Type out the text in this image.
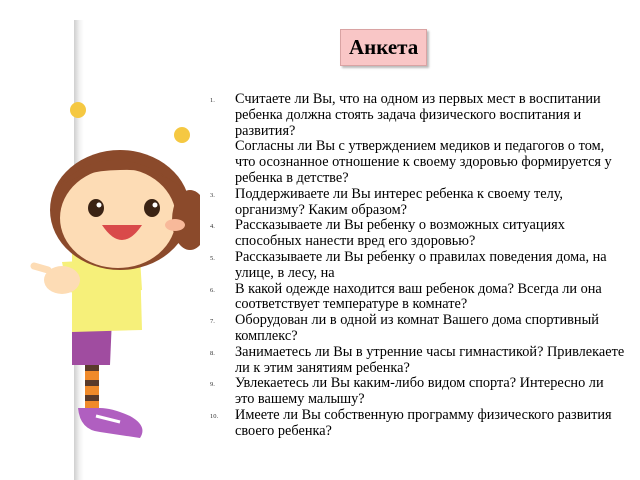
Анкета
1. Считаете ли Вы, что на одном из первых мест в воспитании ребенка должна стоять задача физического воспитания и развития?
Согласны ли Вы с утверждением медиков и педагогов о том, что осознанное отношение к своему здоровью формируется у ребенка в детстве?
3. Поддерживаете ли Вы интерес ребенка к своему телу, организму? Каким образом?
4. Рассказываете ли Вы ребенку о возможных ситуациях способных нанести вред его здоровью?
5. Рассказываете ли Вы ребенку о правилах поведения дома, на улице, в лесу, на
6. В какой одежде находится ваш ребенок дома? Всегда ли она соответствует температуре в комнате?
7. Оборудован ли в одной из комнат Вашего дома спортивный комплекс?
8. Занимаетесь ли Вы в утренние часы гимнастикой? Привлекаете ли к этим занятиям ребенка?
9. Увлекаетесь ли Вы каким-либо видом спорта? Интересно ли это вашему малышу?
10. Имеете ли Вы собственную программу физического развития своего ребенка?
